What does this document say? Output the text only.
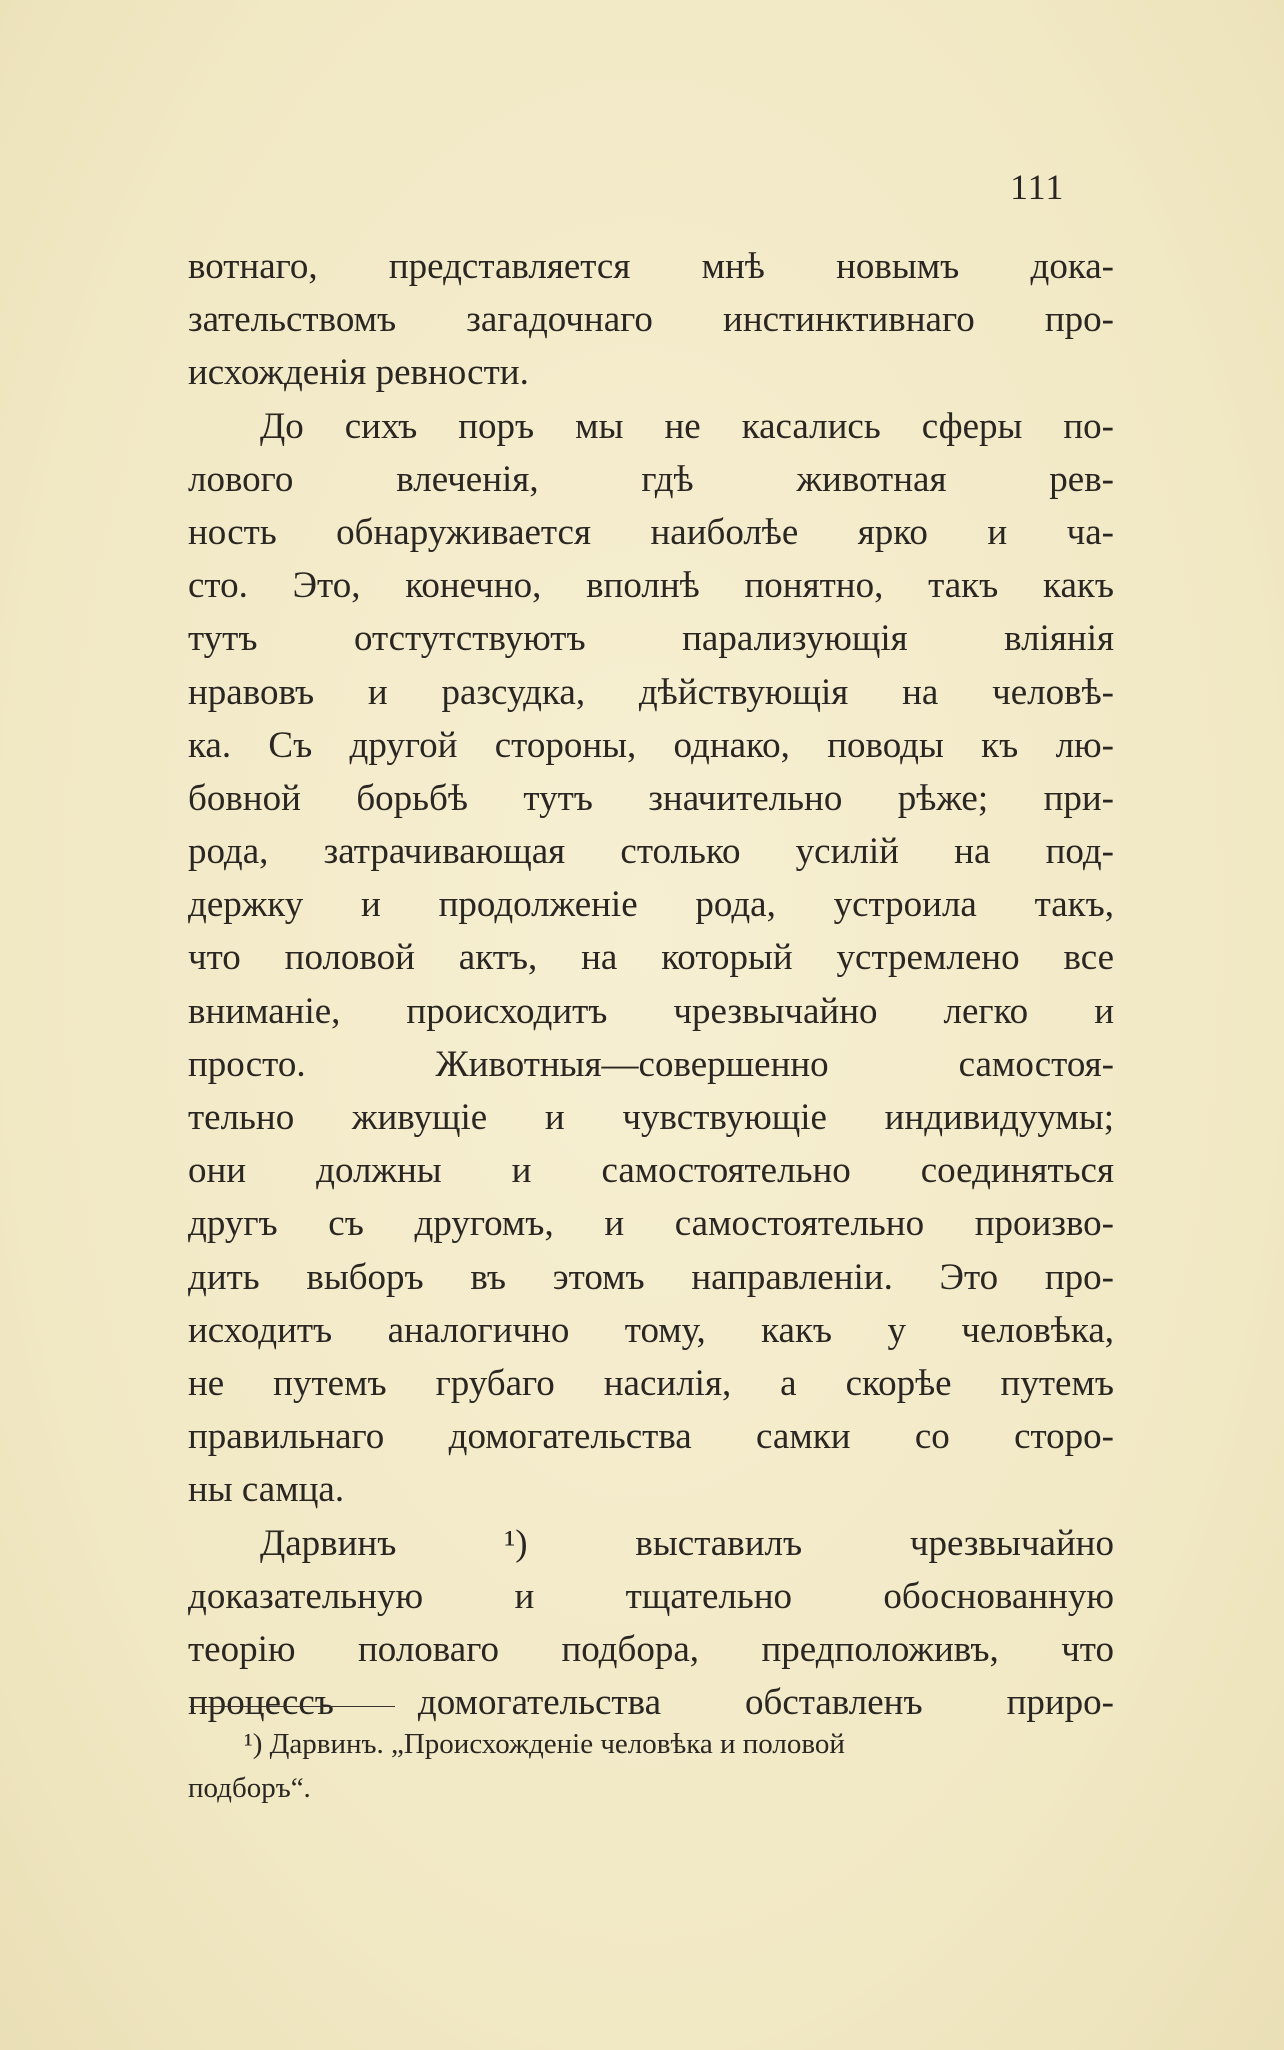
111
вотнаго, представляется мнѣ новымъ дока-
зательствомъ загадочнаго инстинктивнаго про-
исхожденія ревности.
До сихъ поръ мы не касались сферы по-
лового влеченія, гдѣ животная рев-
ность обнаруживается наиболѣе ярко и ча-
сто. Это, конечно, вполнѣ понятно, такъ какъ
тутъ отстутствуютъ парализующія вліянія
нравовъ и разсудка, дѣйствующія на человѣ-
ка. Съ другой стороны, однако, поводы къ лю-
бовной борьбѣ тутъ значительно рѣже; при-
рода, затрачивающая столько усилій на под-
держку и продолженіе рода, устроила такъ,
что половой актъ, на который устремлено все
вниманіе, происходитъ чрезвычайно легко и
просто. Животныя—совершенно самостоя-
тельно живущіе и чувствующіе индивидуумы;
они должны и самостоятельно соединяться
другъ съ другомъ, и самостоятельно произво-
дить выборъ въ этомъ направленіи. Это про-
исходитъ аналогично тому, какъ у человѣка,
не путемъ грубаго насилія, а скорѣе путемъ
правильнаго домогательства самки со сторо-
ны самца.
Дарвинъ ¹) выставилъ чрезвычайно
доказательную и тщательно обоснованную
теорію половаго подбора, предположивъ, что
процессъ домогательства обставленъ приро-
¹) Дарвинъ. „Происхожденіе человѣка и половой
подборъ“.
